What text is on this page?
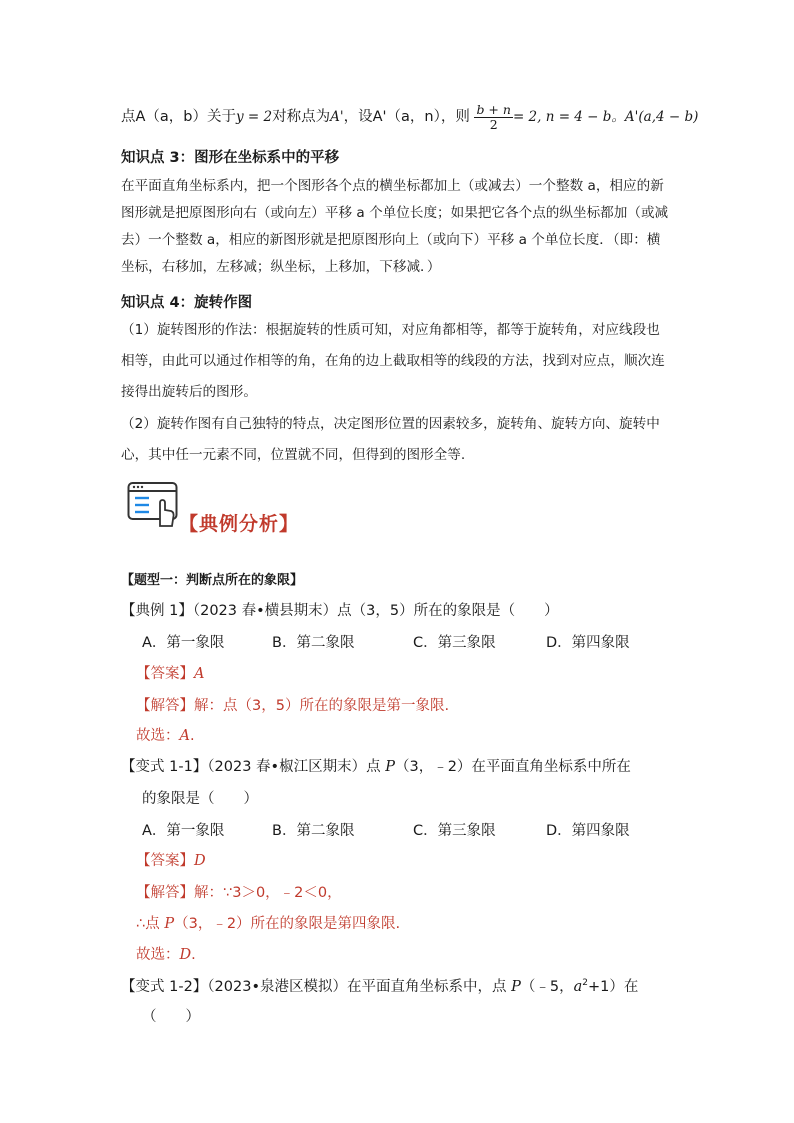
点A（a，b）关于y = 2对称点为A'，设A'（a，n），则 $\frac{b + n}{2} = 2$, n = 4 − b。A'(a,4 − b)
知识点 3：图形在坐标系中的平移
在平面直角坐标系内，把一个图形各个点的横坐标都加上（或减去）一个整数 a，相应的新
图形就是把原图形向右（或向左）平移 a 个单位长度；如果把它各个点的纵坐标都加（或减
去）一个整数 a，相应的新图形就是把原图形向上（或向下）平移 a 个单位长度．（即：横
坐标，右移加，左移减；纵坐标，上移加，下移减．）
知识点 4：旋转作图
（1）旋转图形的作法：根据旋转的性质可知，对应角都相等，都等于旋转角，对应线段也
相等，由此可以通过作相等的角，在角的边上截取相等的线段的方法，找到对应点，顺次连
接得出旋转后的图形。
（2）旋转作图有自己独特的特点，决定图形位置的因素较多，旋转角、旋转方向、旋转中
心，其中任一元素不同，位置就不同，但得到的图形全等.
【典例分析】
【题型一：判断点所在的象限】
【典例 1】（2023 春•横县期末）点（3，5）所在的象限是（　　）
A．第一象限	B．第二象限	C．第三象限	D．第四象限
【答案】A
【解答】解：点（3，5）所在的象限是第一象限.
故选：A.
【变式 1-1】（2023 春•椒江区期末）点 P（3，﹣2）在平面直角坐标系中所在
的象限是（　　）
A．第一象限	B．第二象限	C．第三象限	D．第四象限
【答案】D
【解答】解：∵3＞0，﹣2＜0，
∴点 P（3，﹣2）所在的象限是第四象限.
故选：D.
【变式 1-2】（2023•泉港区模拟）在平面直角坐标系中，点 P（﹣5，$a^2+1$）在
（　　）
